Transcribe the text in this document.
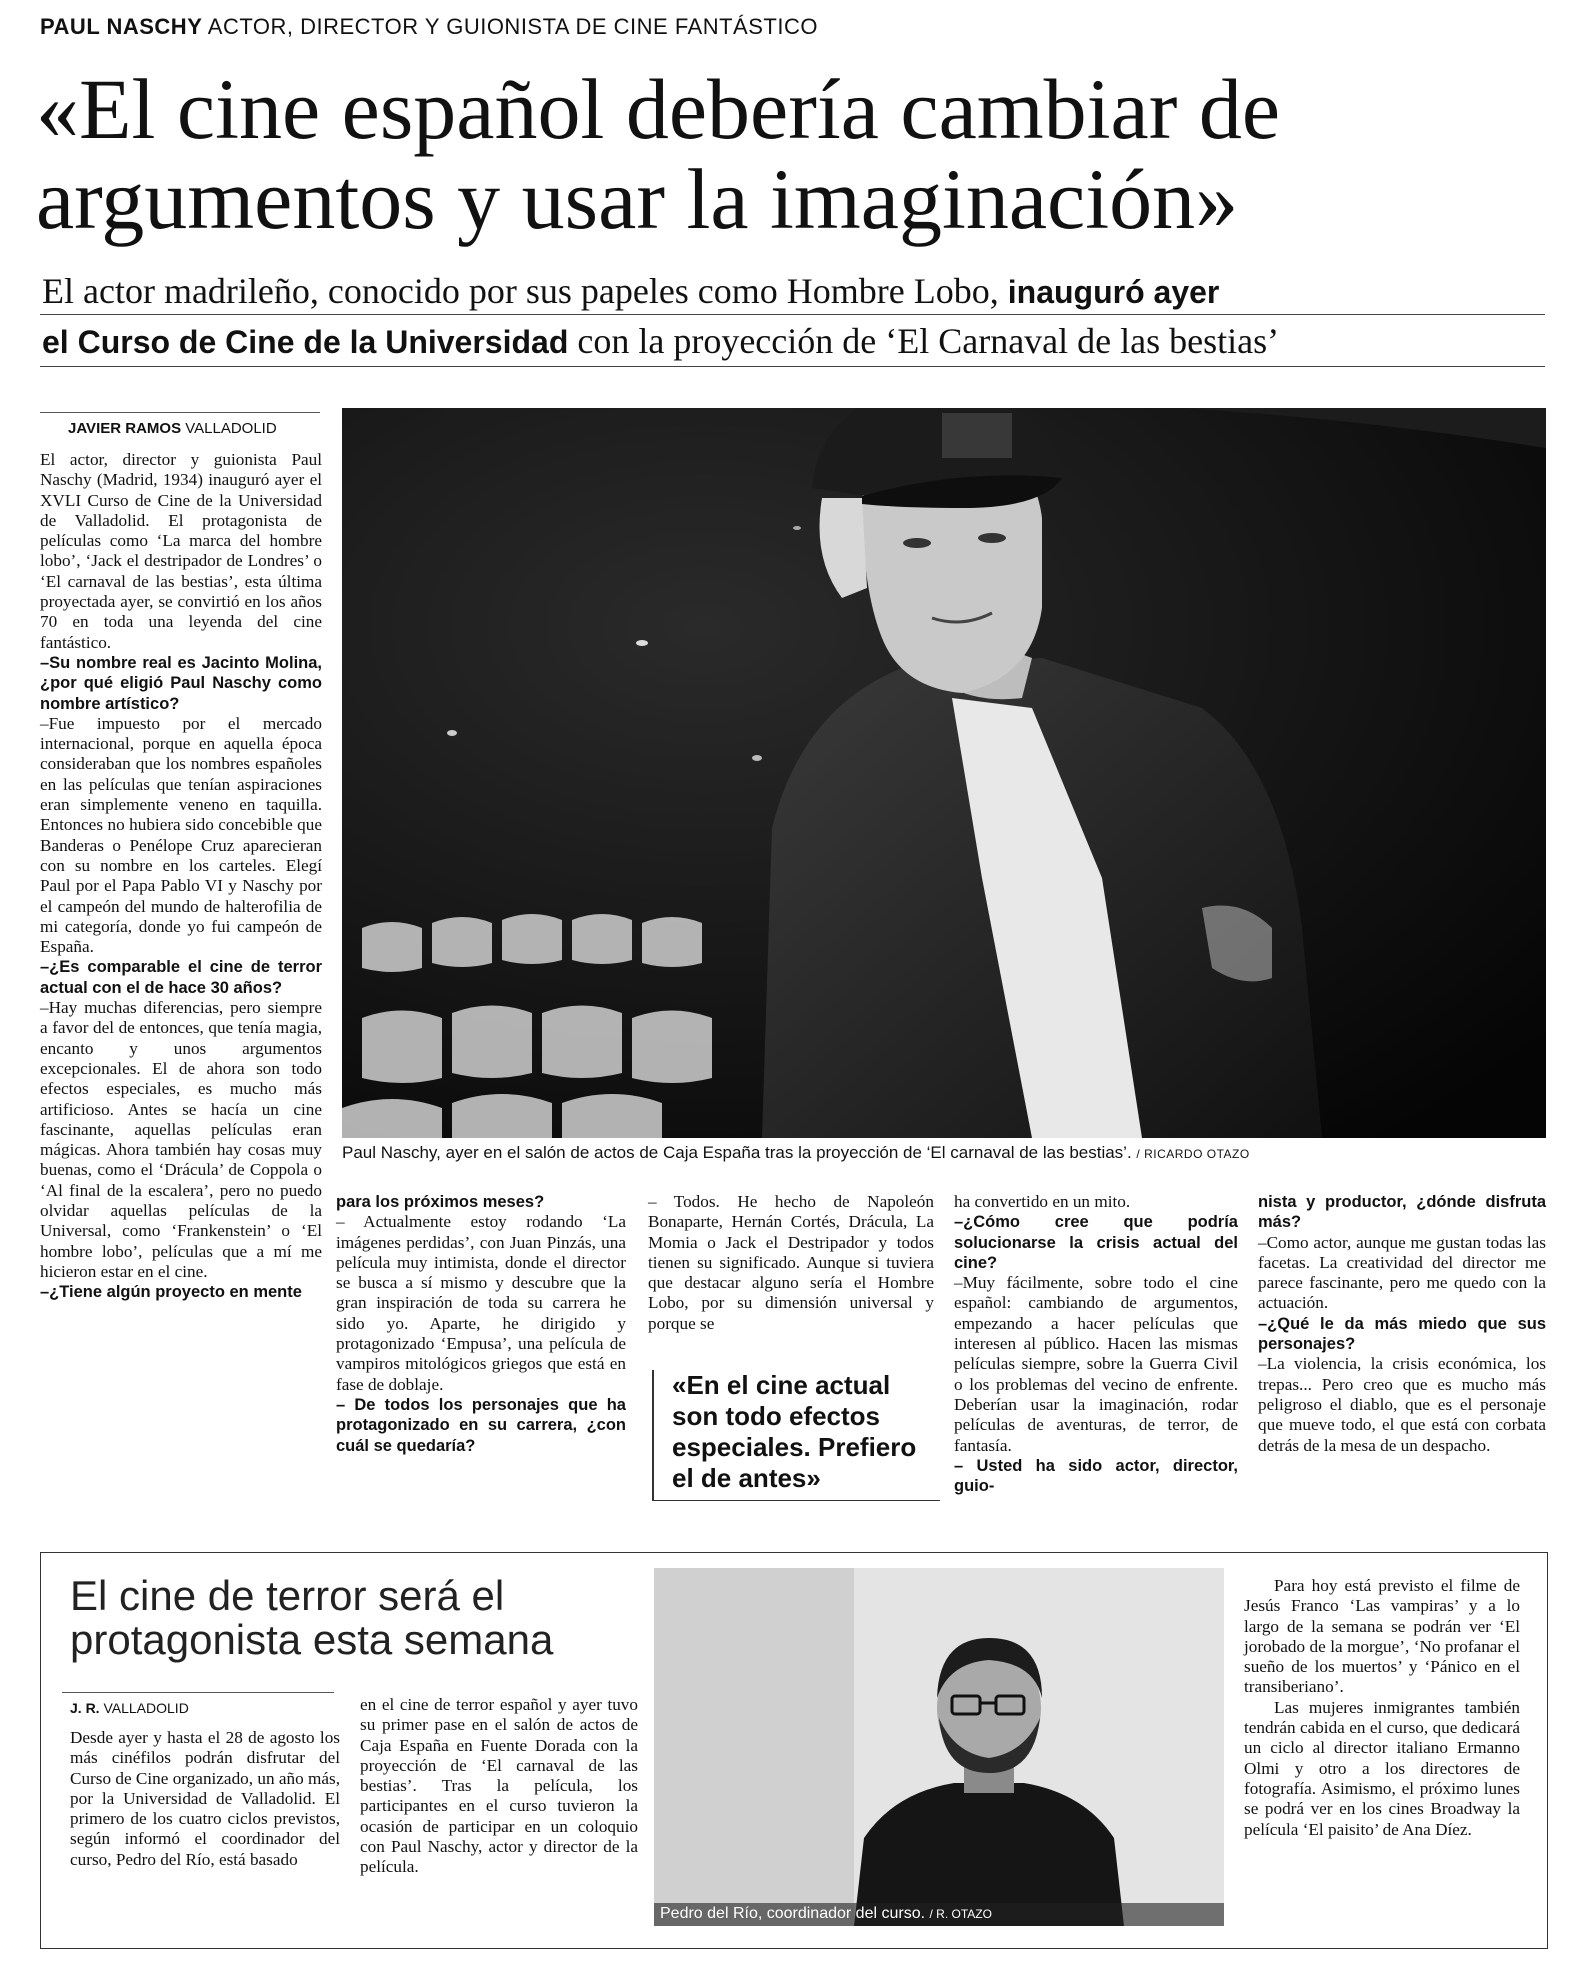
PAUL NASCHY ACTOR, DIRECTOR Y GUIONISTA DE CINE FANTÁSTICO
«El cine español debería cambiar de argumentos y usar la imaginación»
El actor madrileño, conocido por sus papeles como Hombre Lobo, inauguró ayer
el Curso de Cine de la Universidad con la proyección de ‘El Carnaval de las bestias’
JAVIER RAMOS VALLADOLID

El actor, director y guionista Paul Naschy (Madrid, 1934) inauguró ayer el XVLI Curso de Cine de la Universidad de Valladolid. El protagonista de películas como ‘La marca del hombre lobo’, ‘Jack el destripador de Londres’ o ‘El carnaval de las bestias’, esta última proyectada ayer, se convirtió en los años 70 en toda una leyenda del cine fantástico.

–Su nombre real es Jacinto Molina, ¿por qué eligió Paul Naschy como nombre artístico?

–Fue impuesto por el mercado internacional, porque en aquella época consideraban que los nombres españoles en las películas que tenían aspiraciones eran simplemente veneno en taquilla. Entonces no hubiera sido concebible que Banderas o Penélope Cruz aparecieran con su nombre en los carteles. Elegí Paul por el Papa Pablo VI y Naschy por el campeón del mundo de halterofilia de mi categoría, donde yo fui campeón de España.

–¿Es comparable el cine de terror actual con el de hace 30 años?

–Hay muchas diferencias, pero siempre a favor del de entonces, que tenía magia, encanto y unos argumentos excepcionales. El de ahora son todo efectos especiales, es mucho más artificioso. Antes se hacía un cine fascinante, aquellas películas eran mágicas. Ahora también hay cosas muy buenas, como el ‘Drácula’ de Coppola o ‘Al final de la escalera’, pero no puedo olvidar aquellas películas de la Universal, como ‘Frankenstein’ o ‘El hombre lobo’, películas que a mí me hicieron estar en el cine.

–¿Tiene algún proyecto en mente

Paul Naschy, ayer en el salón de actos de Caja España tras la proyección de ‘El carnaval de las bestias’. / RICARDO OTAZO

para los próximos meses?

– Actualmente estoy rodando ‘La imágenes perdidas’, con Juan Pinzás, una película muy intimista, donde el director se busca a sí mismo y descubre que la gran inspiración de toda su carrera he sido yo. Aparte, he dirigido y protagonizado ‘Empusa’, una película de vampiros mitológicos griegos que está en fase de doblaje.

– De todos los personajes que ha protagonizado en su carrera, ¿con cuál se quedaría?

– Todos. He hecho de Napoleón Bonaparte, Hernán Cortés, Drácula, La Momia o Jack el Destripador y todos tienen su significado. Aunque si tuviera que destacar alguno sería el Hombre Lobo, por su dimensión universal y porque se

«En el cine actual son todo efectos especiales. Prefiero el de antes»

ha convertido en un mito.

–¿Cómo cree que podría solucionarse la crisis actual del cine?

–Muy fácilmente, sobre todo el cine español: cambiando de argumentos, empezando a hacer películas que interesen al público. Hacen las mismas películas siempre, sobre la Guerra Civil o los problemas del vecino de enfrente. Deberían usar la imaginación, rodar películas de aventuras, de terror, de fantasía.

– Usted ha sido actor, director, guio-

nista y productor, ¿dónde disfruta más?

–Como actor, aunque me gustan todas las facetas. La creatividad del director me parece fascinante, pero me quedo con la actuación.

–¿Qué le da más miedo que sus personajes?

–La violencia, la crisis económica, los trepas... Pero creo que es mucho más peligroso el diablo, que es el personaje que mueve todo, el que está con corbata detrás de la mesa de un despacho.

El cine de terror será el protagonista esta semana
J. R. VALLADOLID

Desde ayer y hasta el 28 de agosto los más cinéfilos podrán disfrutar del Curso de Cine organizado, un año más, por la Universidad de Valladolid. El primero de los cuatro ciclos previstos, según informó el coordinador del curso, Pedro del Río, está basado

en el cine de terror español y ayer tuvo su primer pase en el salón de actos de Caja España en Fuente Dorada con la proyección de ‘El carnaval de las bestias’. Tras la película, los participantes en el curso tuvieron la ocasión de participar en un coloquio con Paul Naschy, actor y director de la película.

Pedro del Río, coordinador del curso. / R. OTAZO

Para hoy está previsto el filme de Jesús Franco ‘Las vampiras’ y a lo largo de la semana se podrán ver ‘El jorobado de la morgue’, ‘No profanar el sueño de los muertos’ y ‘Pánico en el transiberiano’.

Las mujeres inmigrantes también tendrán cabida en el curso, que dedicará un ciclo al director italiano Ermanno Olmi y otro a los directores de fotografía. Asimismo, el próximo lunes se podrá ver en los cines Broadway la película ‘El paisito’ de Ana Díez.
